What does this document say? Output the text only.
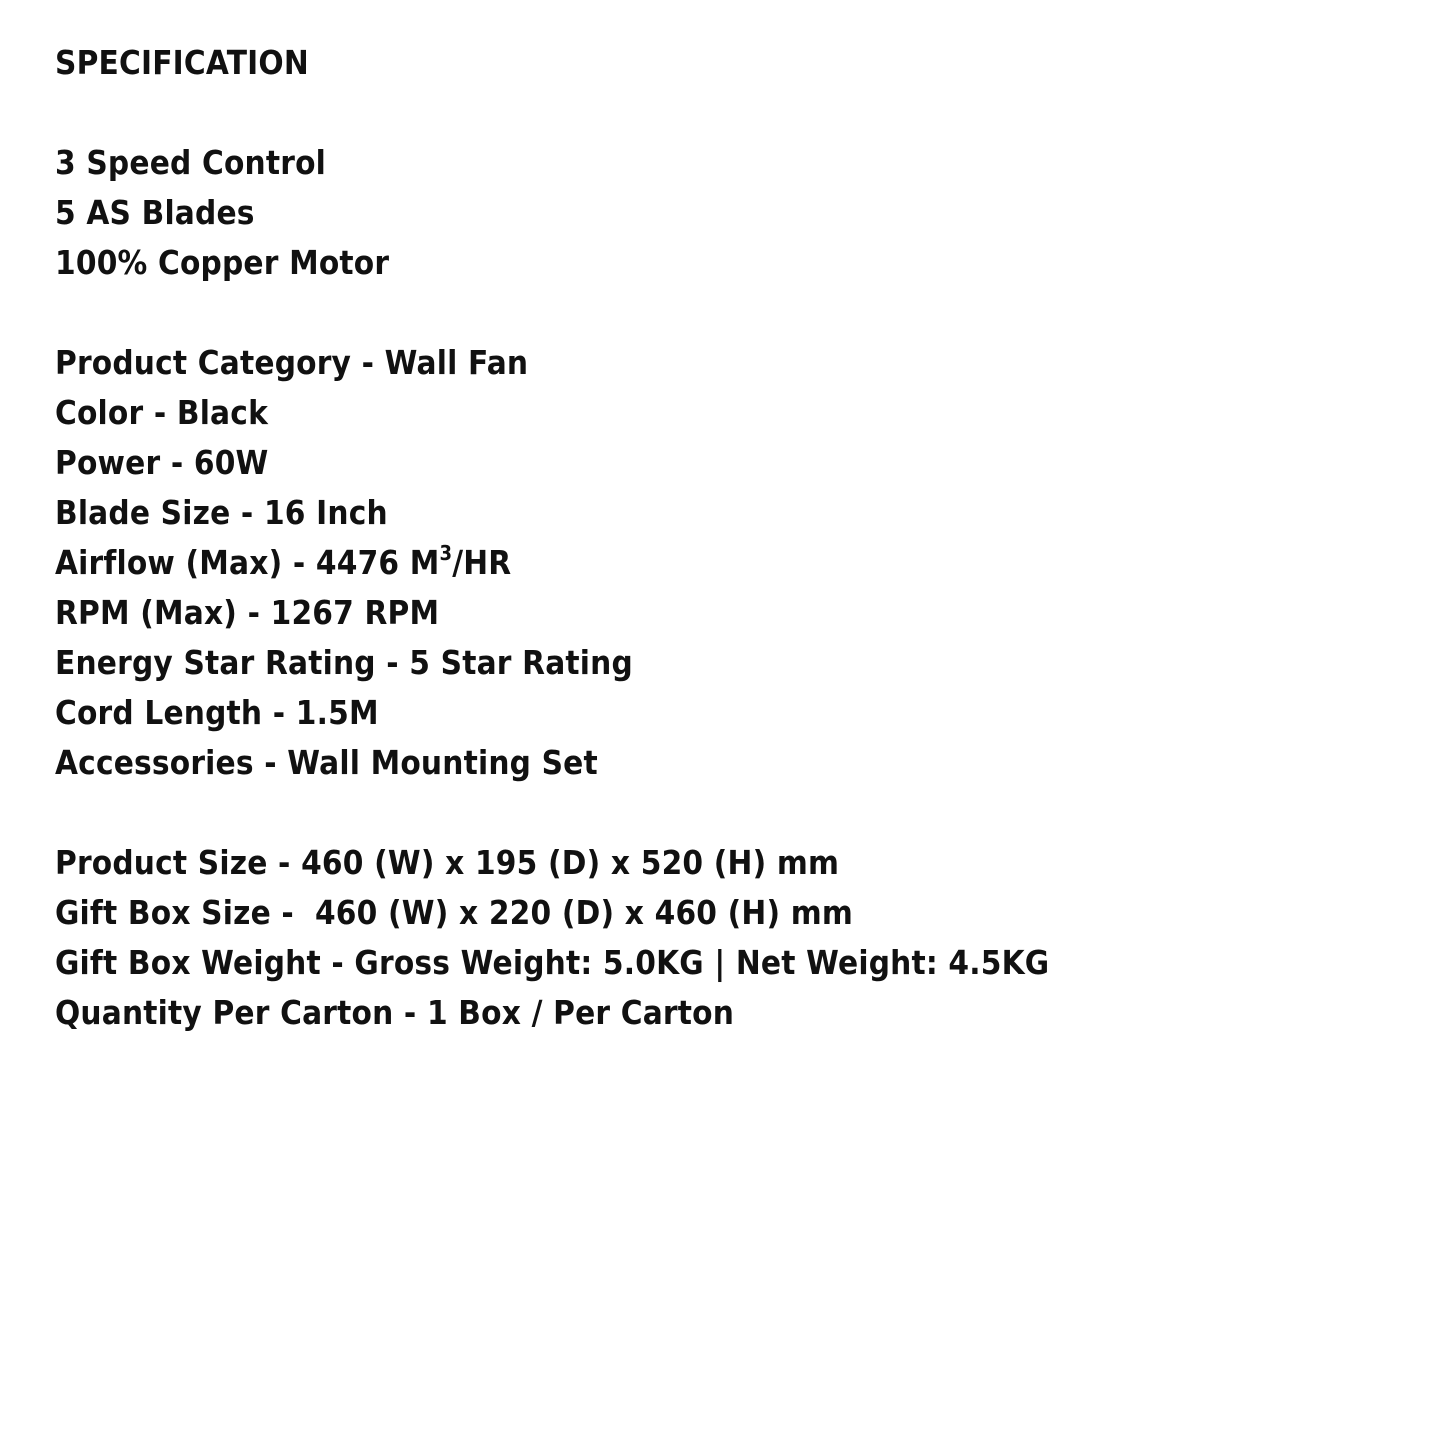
SPECIFICATION
3 Speed Control
5 AS Blades
100% Copper Motor
Product Category - Wall Fan
Color - Black
Power - 60W
Blade Size - 16 Inch
Airflow (Max) - 4476 $M^3/HR$
RPM (Max) - 1267 RPM
Energy Star Rating - 5 Star Rating
Cord Length - 1.5M
Accessories - Wall Mounting Set
Product Size - 460 (W) x 195 (D) x 520 (H) mm
Gift Box Size -  460 (W) x 220 (D) x 460 (H) mm
Gift Box Weight - Gross Weight: 5.0KG | Net Weight: 4.5KG
Quantity Per Carton - 1 Box / Per Carton
